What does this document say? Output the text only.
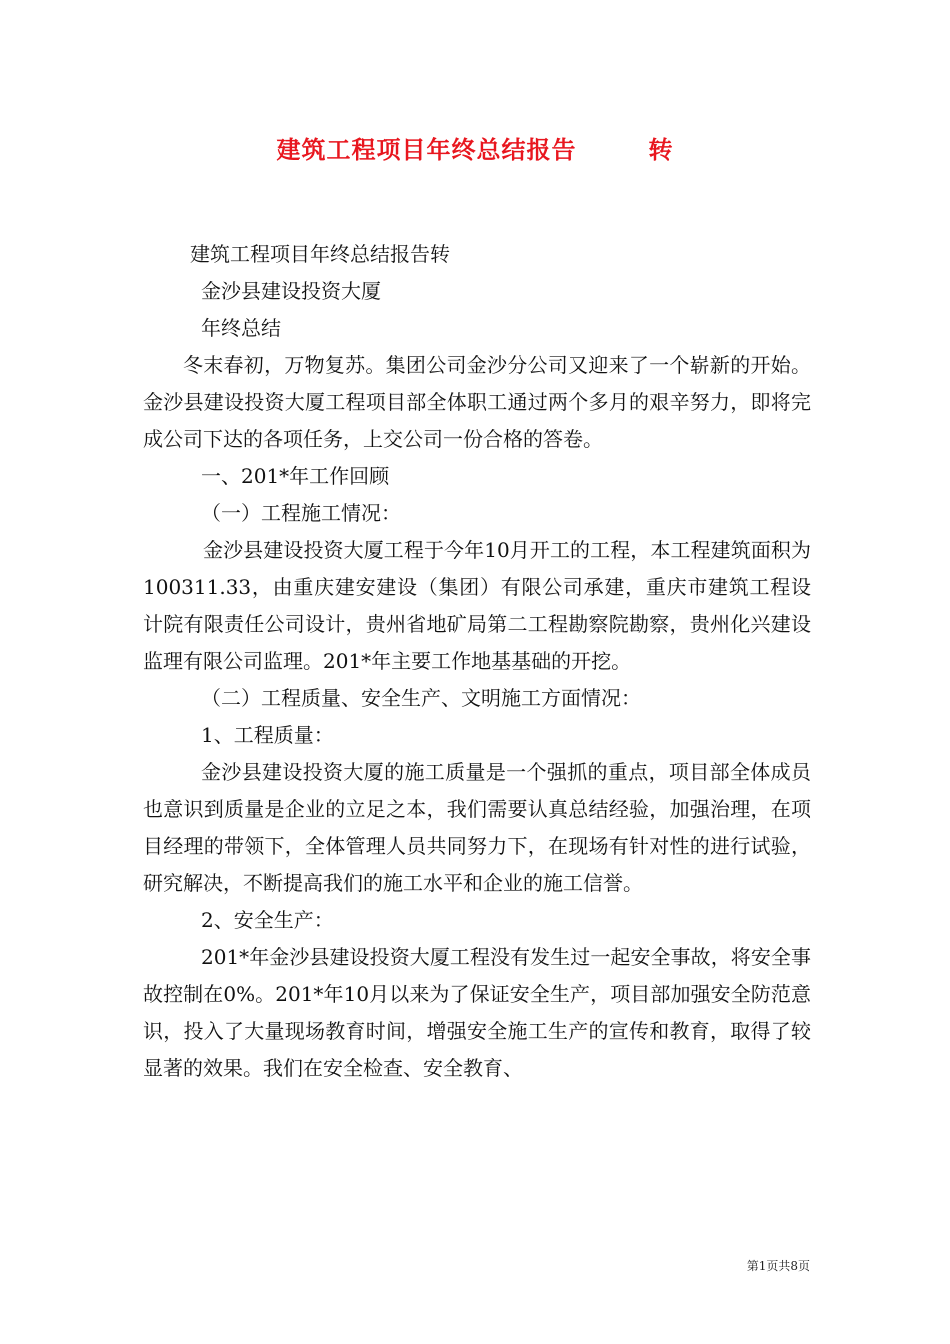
建筑工程项目年终总结报告	转

建筑工程项目年终总结报告转

金沙县建设投资大厦

年终总结

冬末春初，万物复苏。集团公司金沙分公司又迎来了一个崭新的开始。金沙县建设投资大厦工程项目部全体职工通过两个多月的艰辛努力，即将完成公司下达的各项任务，上交公司一份合格的答卷。

一、201*年工作回顾

（一）工程施工情况：

金沙县建设投资大厦工程于今年10月开工的工程，本工程建筑面积为100311.33，由重庆建安建设（集团）有限公司承建，重庆市建筑工程设计院有限责任公司设计，贵州省地矿局第二工程勘察院勘察，贵州化兴建设监理有限公司监理。201*年主要工作地基基础的开挖。

（二）工程质量、安全生产、文明施工方面情况：

1、工程质量：

金沙县建设投资大厦的施工质量是一个强抓的重点，项目部全体成员也意识到质量是企业的立足之本，我们需要认真总结经验，加强治理，在项目经理的带领下，全体管理人员共同努力下，在现场有针对性的进行试验，研究解决，不断提高我们的施工水平和企业的施工信誉。

2、安全生产：

201*年金沙县建设投资大厦工程没有发生过一起安全事故，将安全事故控制在0%。201*年10月以来为了保证安全生产，项目部加强安全防范意识，投入了大量现场教育时间，增强安全施工生产的宣传和教育，取得了较显著的效果。我们在安全检查、安全教育、

第1页共8页
